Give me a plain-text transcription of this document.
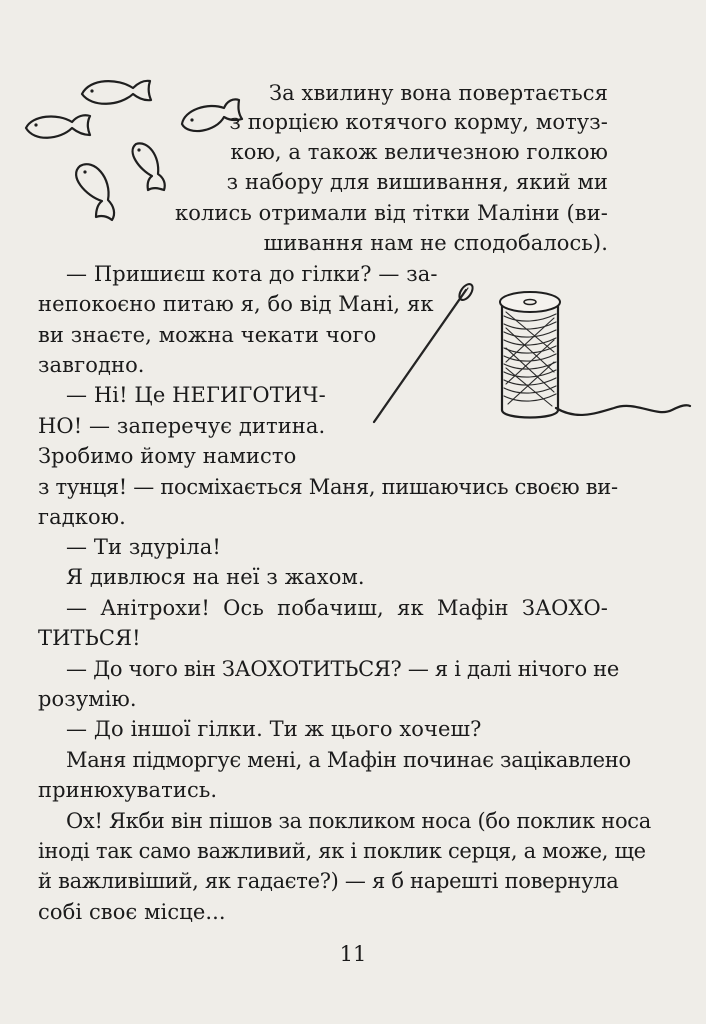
За хвилину вона повертається

з порцією котячого корму, мотуз-

кою, а також величезною голкою

з набору для вишивання, який ми

колись отримали від тітки Маліни (ви-

шивання нам не сподобалось).

— Пришиєш кота до гілки? — за-

непокоєно питаю я, бо від Мані, як

ви знаєте, можна чекати чого

завгодно.

— Ні! Це НЕГИГОТИЧ-

НО! — заперечує дитина.

Зробимо йому намисто

з тунця! — посміхається Маня, пишаючись своєю ви-

гадкою.

— Ти здуріла!

Я дивлюся на неї з жахом.

— Анітрохи! Ось побачиш, як Мафін ЗАОХО-

ТИТЬСЯ!

— До чого він ЗАОХОТИТЬСЯ? — я і далі нічого не

розумію.

— До іншої гілки. Ти ж цього хочеш?

Маня підморгує мені, а Мафін починає зацікавлено

принюхуватись.

Ох! Якби він пішов за покликом носа (бо поклик носа

іноді так само важливий, як і поклик серця, а може, ще

й важливіший, як гадаєте?) — я б нарешті повернула

собі своє місце...

11
